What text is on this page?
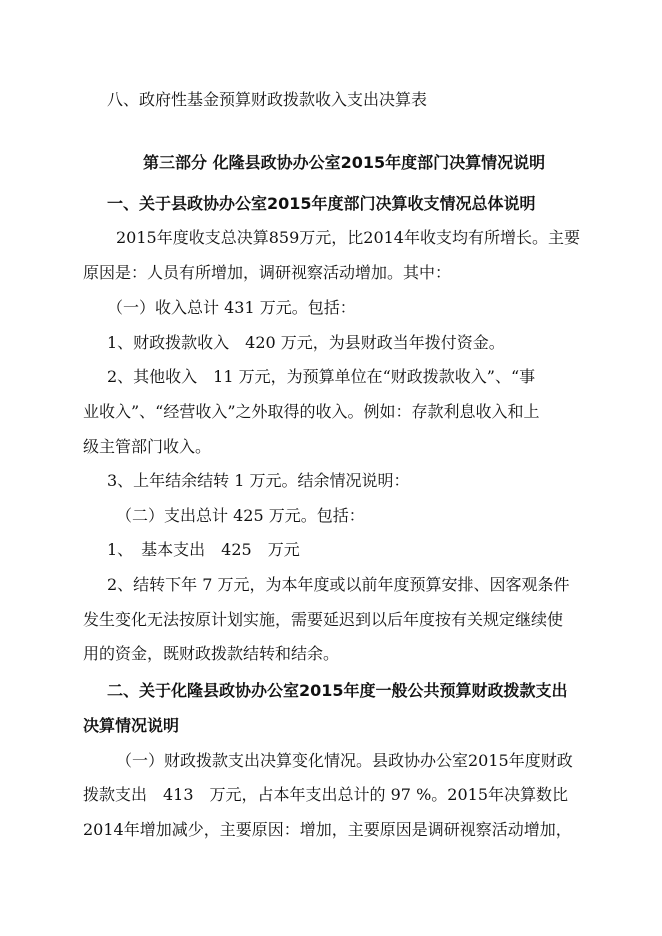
八、政府性基金预算财政拨款收入支出决算表
第三部分 化隆县政协办公室2015年度部门决算情况说明
一、关于县政协办公室2015年度部门决算收支情况总体说明
2015年度收支总决算859万元，比2014年收支均有所增长。主要
原因是：人员有所增加，调研视察活动增加。其中：
（一）收入总计 431 万元。包括：
1、财政拨款收入　420 万元，为县财政当年拨付资金。
2、其他收入　11 万元，为预算单位在“财政拨款收入”、“事
业收入”、“经营收入”之外取得的收入。例如：存款利息收入和上
级主管部门收入。
3、上年结余结转 1 万元。结余情况说明：
（二）支出总计 425 万元。包括：
1、　基本支出　425　万元
2、结转下年 7 万元，为本年度或以前年度预算安排、因客观条件
发生变化无法按原计划实施，需要延迟到以后年度按有关规定继续使
用的资金，既财政拨款结转和结余。
二、关于化隆县政协办公室2015年度一般公共预算财政拨款支出
决算情况说明
（一）财政拨款支出决算变化情况。县政协办公室2015年度财政
拨款支出　413　万元，占本年支出总计的 97 %。2015年决算数比
2014年增加减少，主要原因：增加，主要原因是调研视察活动增加，
